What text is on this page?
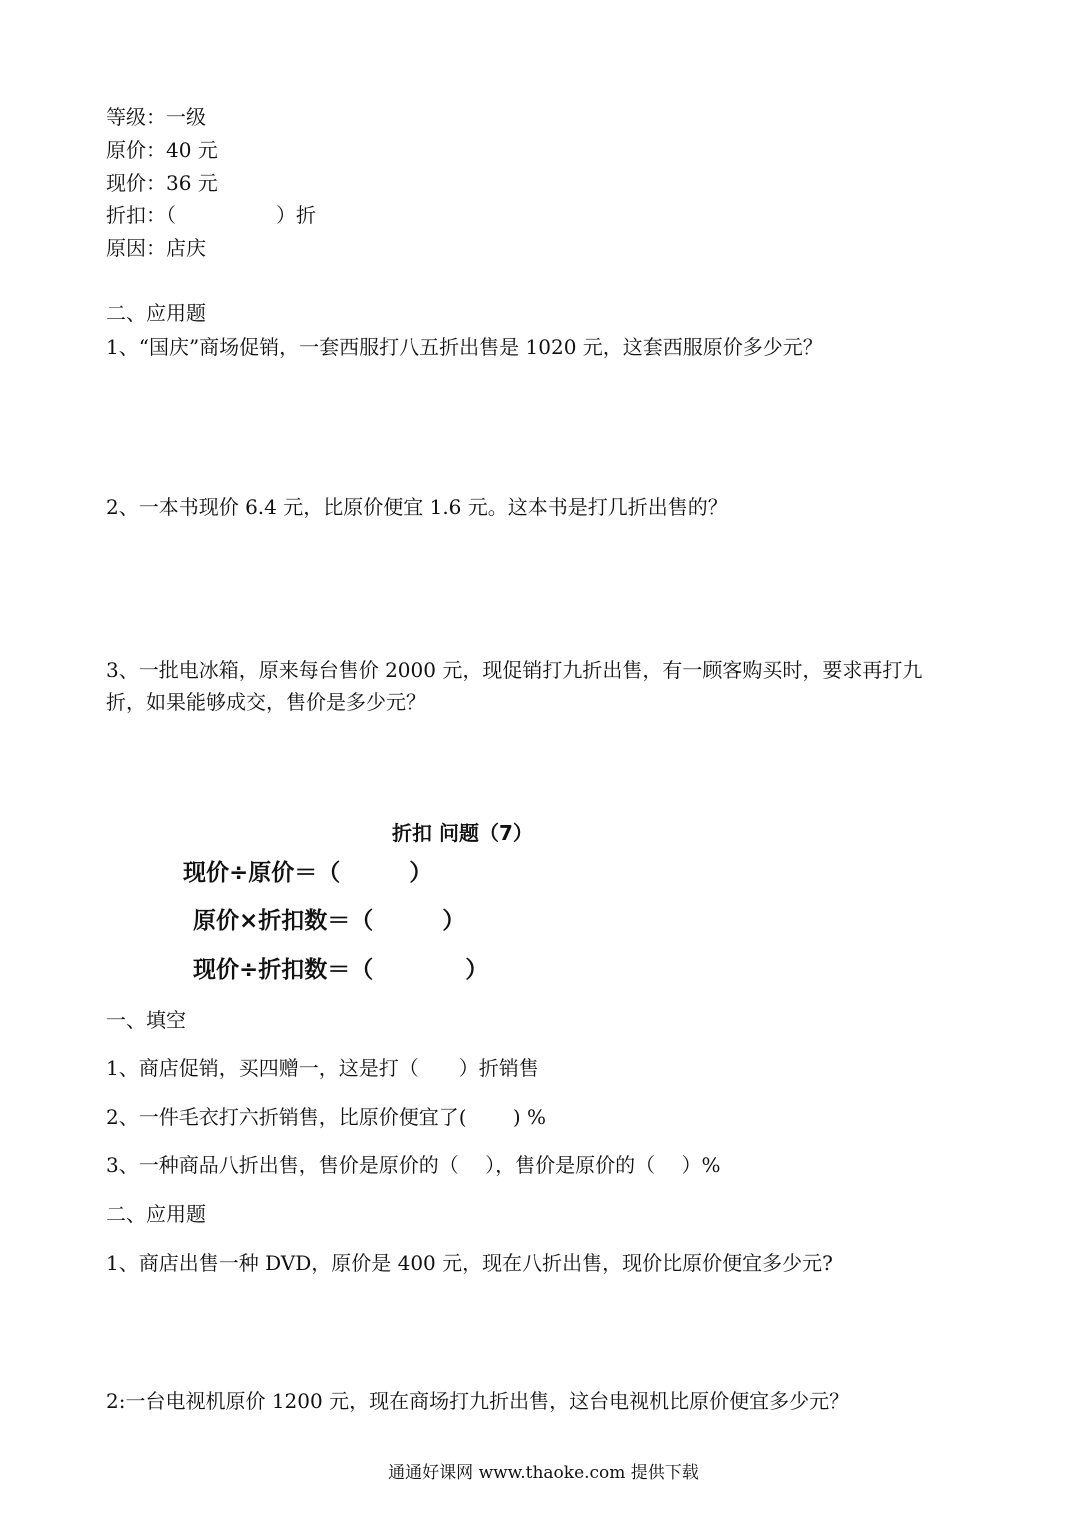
等级：一级
原价：40 元
现价：36 元
折扣：（　　　　　）折
原因：店庆
二、应用题
1、“国庆”商场促销，一套西服打八五折出售是 1020 元，这套西服原价多少元？
2、一本书现价 6.4 元，比原价便宜 1.6 元。这本书是打几折出售的？
3、一批电冰箱，原来每台售价 2000 元，现促销打九折出售，有一顾客购买时，要求再打九
折，如果能够成交，售价是多少元？
折扣 问题（7）
现价÷原价＝（　　　）
原价×折扣数＝（　　　）
现价÷折扣数＝（　　　　）
一、填空
1、商店促销，买四赠一，这是打（　　）折销售
2、一件毛衣打六折销售，比原价便宜了(　　 ) %
3、一种商品八折出售，售价是原价的（　 ），售价是原价的（　 ）%
二、应用题
1、商店出售一种 DVD，原价是 400 元，现在八折出售，现价比原价便宜多少元?
2:一台电视机原价 1200 元，现在商场打九折出售，这台电视机比原价便宜多少元？
通通好课网 www.thaoke.com 提供下载
